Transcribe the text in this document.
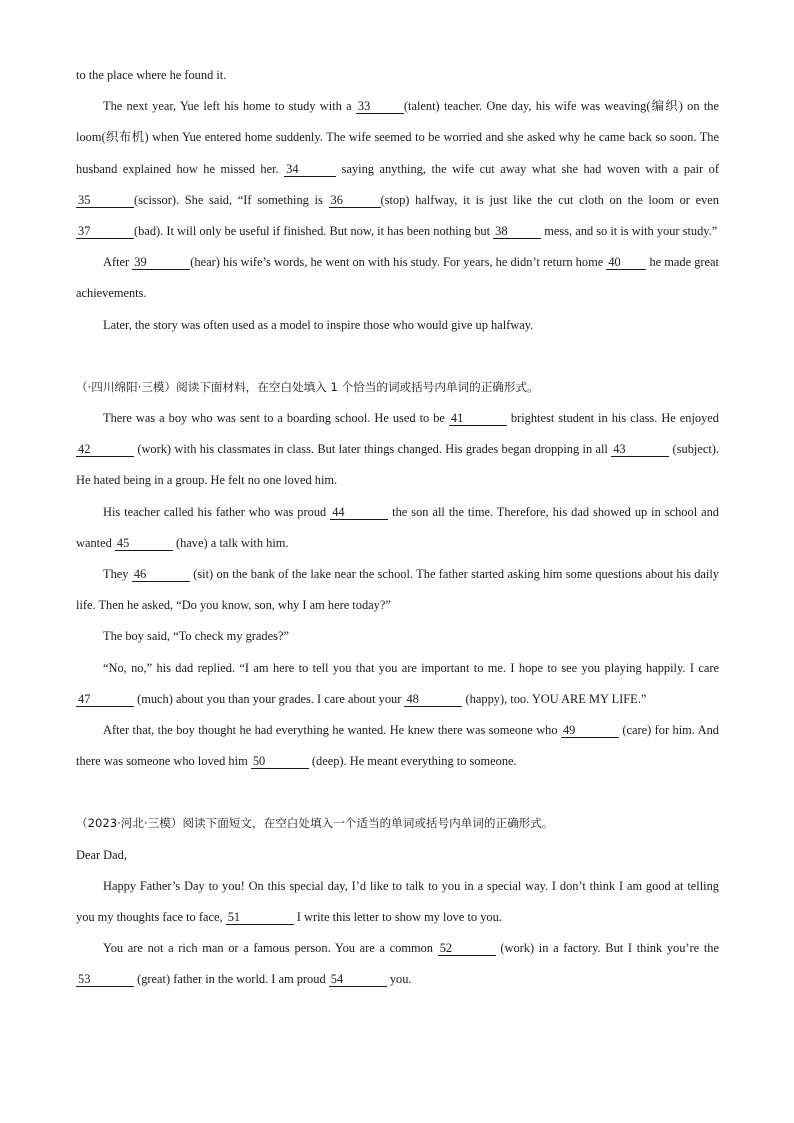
to the place where he found it.

The next year, Yue left his home to study with a 33	(talent) teacher. One day, his wife was weaving(编织) on the loom(织布机) when Yue entered home suddenly. The wife seemed to be worried and she asked why he came back so soon. The husband explained how he missed her. 34	saying anything, the wife cut away what she had woven with a pair of 35	(scissor). She said, “If something is 36	(stop) halfway, it is just like the cut cloth on the loom or even 37	(bad). It will only be useful if finished. But now, it has been nothing but 38	mess, and so it is with your study.”

After 39	(hear) his wife’s words, he went on with his study. For years, he didn’t return home 40 he made great achievements.

Later, the story was often used as a model to inspire those who would give up halfway.

（·四川绵阳·三模）阅读下面材料，在空白处填入 1 个恰当的词或括号内单词的正确形式。

There was a boy who was sent to a boarding school. He used to be 41	brightest student in his class. He enjoyed 42	(work) with his classmates in class. But later things changed. His grades began dropping in all 43	(subject). He hated being in a group. He felt no one loved him.

His teacher called his father who was proud 44	the son all the time. Therefore, his dad showed up in school and wanted 45	(have) a talk with him.

They 46	(sit) on the bank of the lake near the school. The father started asking him some questions about his daily life. Then he asked, “Do you know, son, why I am here today?”

The boy said, “To check my grades?”

“No, no,” his dad replied. “I am here to tell you that you are important to me. I hope to see you playing happily. I care 47	(much) about you than your grades. I care about your 48	(happy), too. YOU ARE MY LIFE.”

After that, the boy thought he had everything he wanted. He knew there was someone who 49	(care) for him. And there was someone who loved him 50	(deep). He meant everything to someone.

（2023·河北·三模）阅读下面短文，在空白处填入一个适当的单词或括号内单词的正确形式。

Dear Dad,

Happy Father’s Day to you! On this special day, I’d like to talk to you in a special way. I don’t think I am good at telling you my thoughts face to face, 51	I write this letter to show my love to you.

You are not a rich man or a famous person. You are a common 52	(work) in a factory. But I think you’re the 53	(great) father in the world. I am proud 54	you.
